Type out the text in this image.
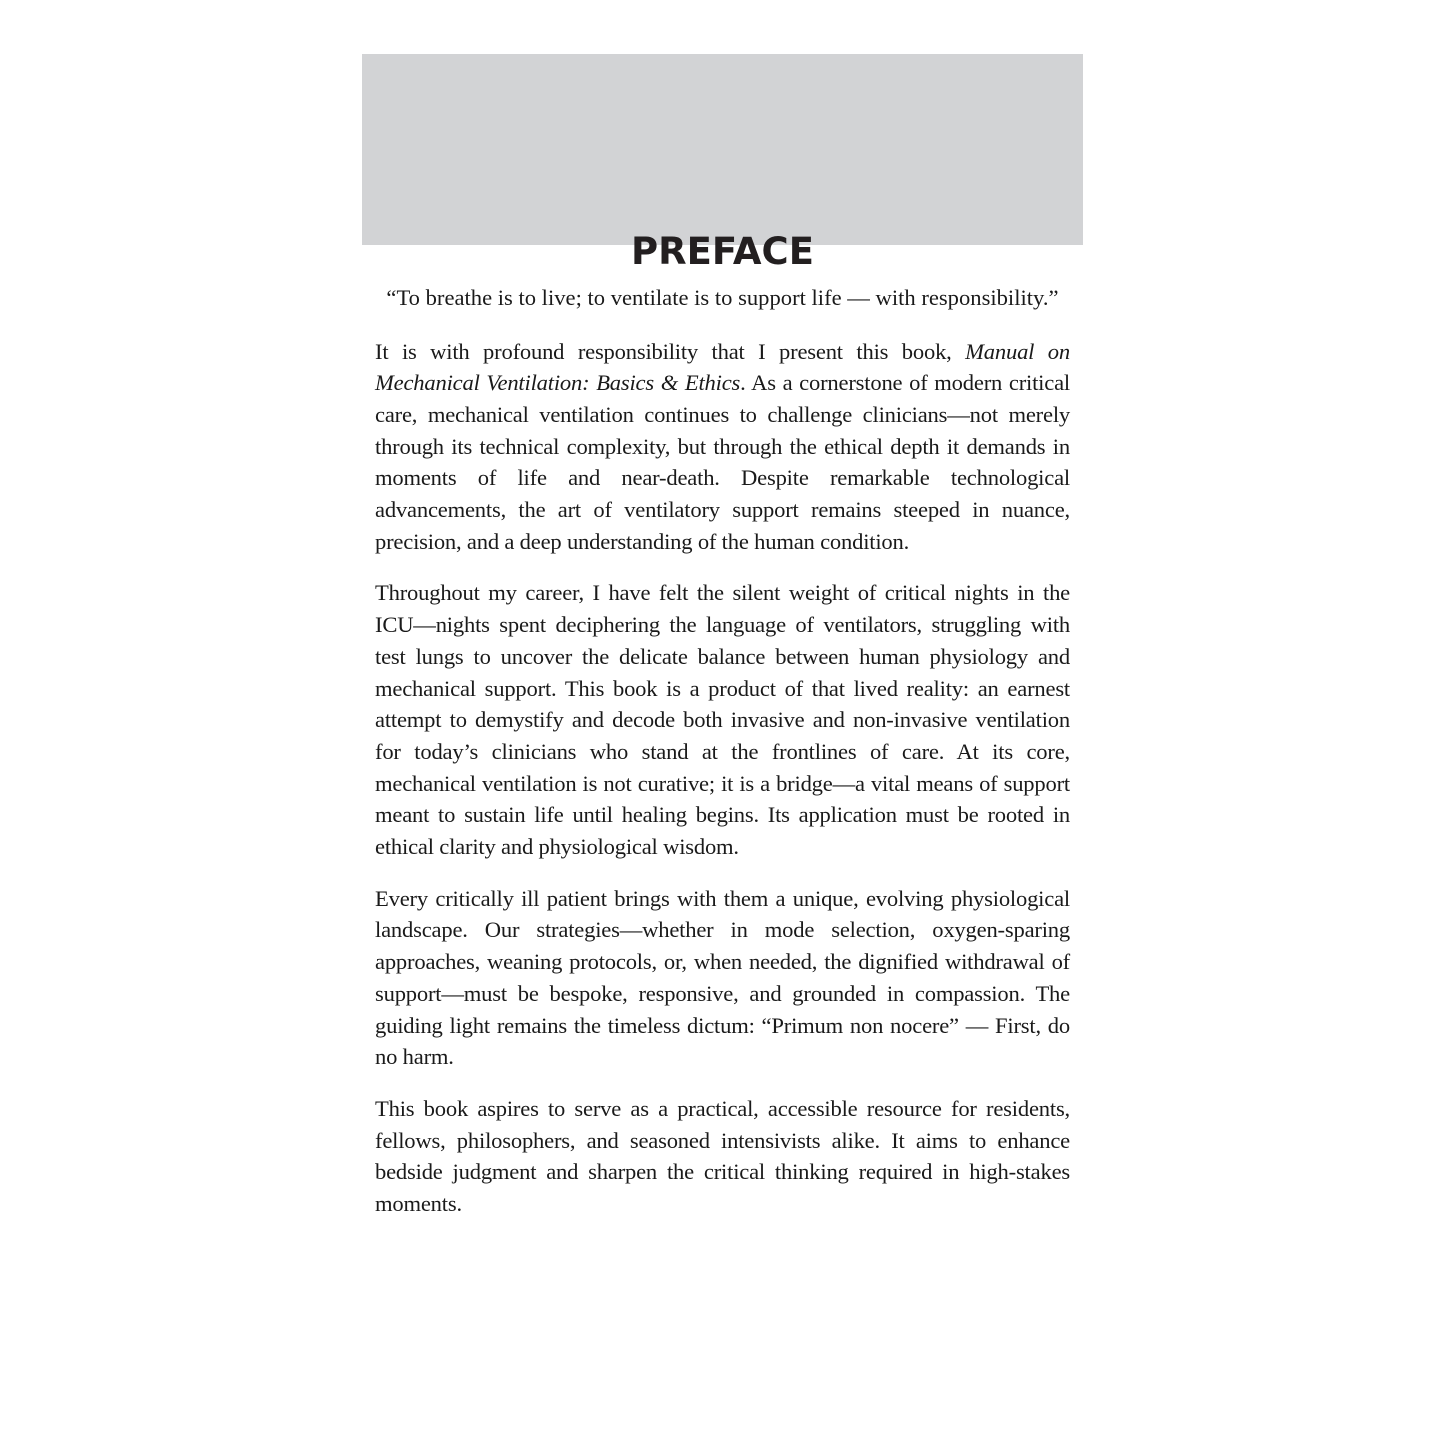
PREFACE

“To breathe is to live; to ventilate is to support life — with responsibility.”

It is with profound responsibility that I present this book, Manual on Mechanical Ventilation: Basics & Ethics. As a cornerstone of modern critical care, mechanical ventilation continues to challenge clinicians—not merely through its technical complexity, but through the ethical depth it demands in moments of life and near-death. Despite remarkable technological advancements, the art of ventilatory support remains steeped in nuance, precision, and a deep understanding of the human condition.

Throughout my career, I have felt the silent weight of critical nights in the ICU—nights spent deciphering the language of ventilators, struggling with test lungs to uncover the delicate balance between human physiology and mechanical support. This book is a product of that lived reality: an earnest attempt to demystify and decode both invasive and non-invasive ventilation for today’s clinicians who stand at the frontlines of care. At its core, mechanical ventilation is not curative; it is a bridge—a vital means of support meant to sustain life until healing begins. Its application must be rooted in ethical clarity and physiological wisdom.

Every critically ill patient brings with them a unique, evolving physiological landscape. Our strategies—whether in mode selection, oxygen-sparing approaches, weaning protocols, or, when needed, the dignified withdrawal of support—must be bespoke, responsive, and grounded in compassion. The guiding light remains the timeless dictum: “Primum non nocere” — First, do no harm.

This book aspires to serve as a practical, accessible resource for residents, fellows, philosophers, and seasoned intensivists alike. It aims to enhance bedside judgment and sharpen the critical thinking required in high-stakes moments.
